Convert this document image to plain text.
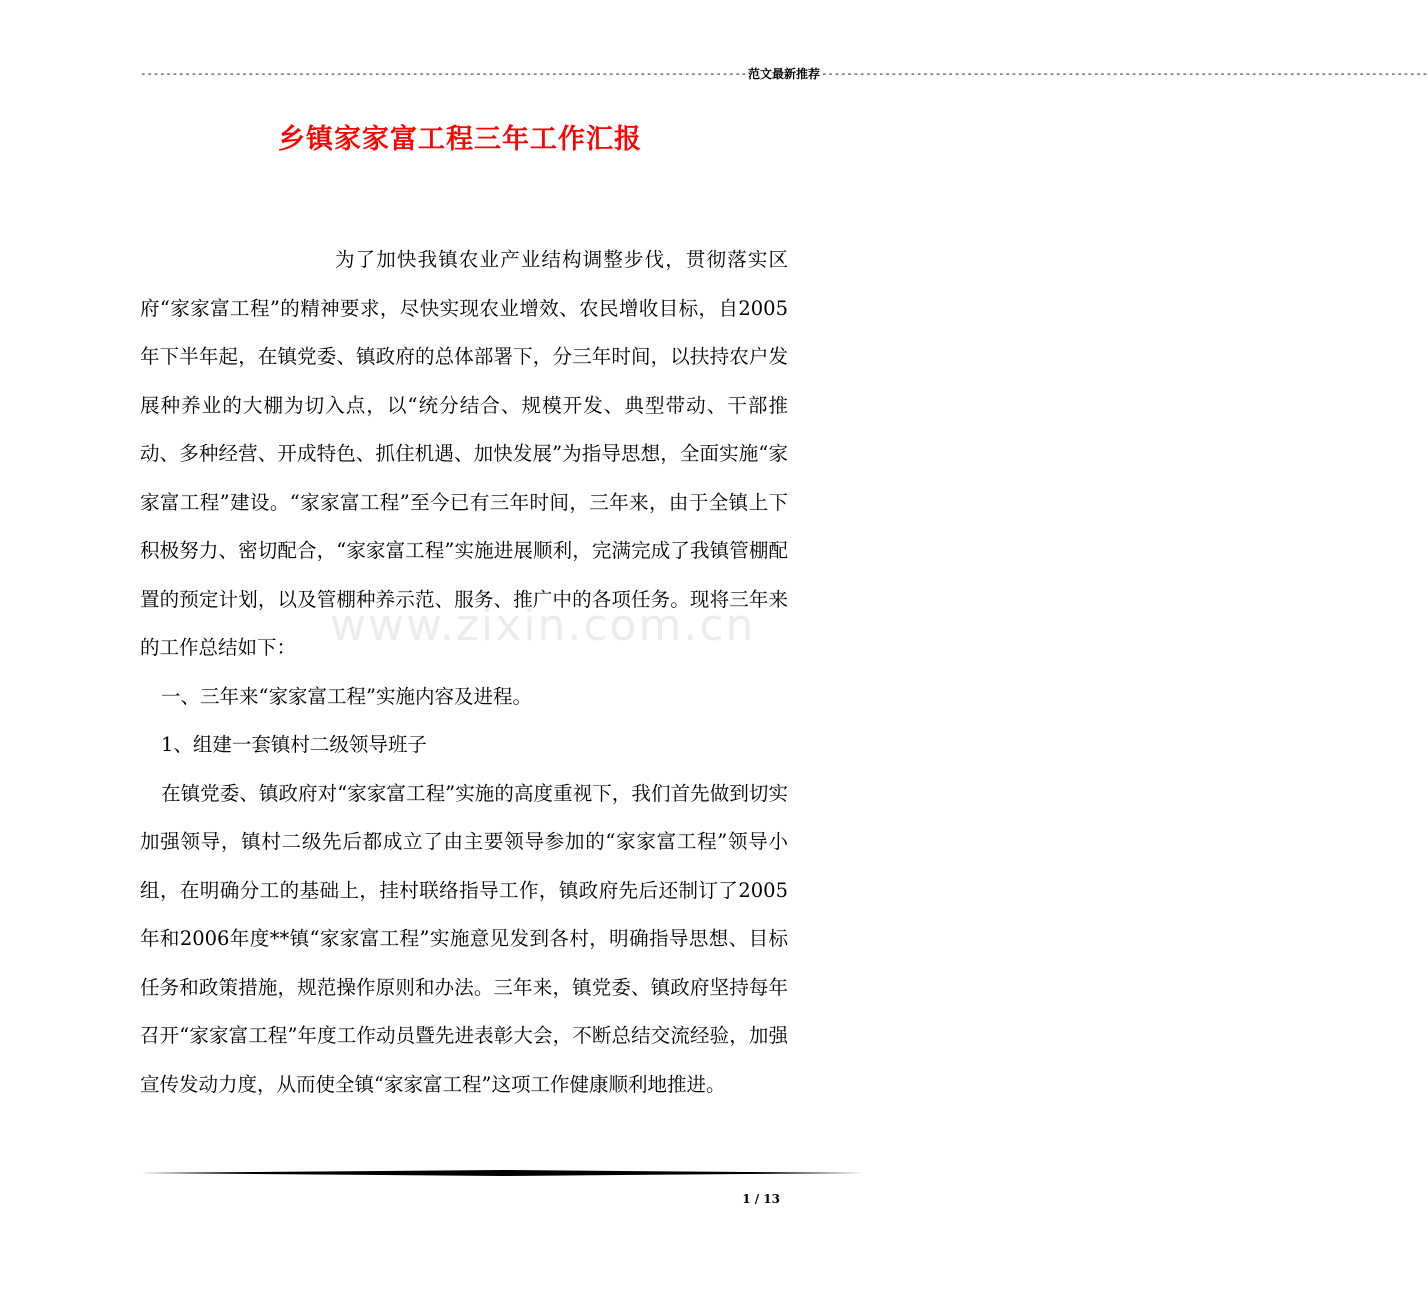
------------------------------------------------------------------------------------------------ 范文最新推荐 ------------------------------------------------------------------------------------------------
乡镇家家富工程三年工作汇报

为了加快我镇农业产业结构调整步伐，贯彻落实区府“家家富工程”的精神要求，尽快实现农业增效、农民增收目标，自2005年下半年起，在镇党委、镇政府的总体部署下，分三年时间，以扶持农户发展种养业的大棚为切入点，以“统分结合、规模开发、典型带动、干部推动、多种经营、开成特色、抓住机遇、加快发展”为指导思想，全面实施“家家富工程”建设。“家家富工程”至今已有三年时间，三年来，由于全镇上下积极努力、密切配合，“家家富工程”实施进展顺利，完满完成了我镇管棚配置的预定计划，以及管棚种养示范、服务、推广中的各项任务。现将三年来的工作总结如下：

一、三年来“家家富工程”实施内容及进程。

1、组建一套镇村二级领导班子

在镇党委、镇政府对“家家富工程”实施的高度重视下，我们首先做到切实加强领导，镇村二级先后都成立了由主要领导参加的“家家富工程”领导小组，在明确分工的基础上，挂村联络指导工作，镇政府先后还制订了2005年和2006年度**镇“家家富工程”实施意见发到各村，明确指导思想、目标任务和政策措施，规范操作原则和办法。三年来，镇党委、镇政府坚持每年召开“家家富工程”年度工作动员暨先进表彰大会，不断总结交流经验，加强宣传发动力度，从而使全镇“家家富工程”这项工作健康顺利地推进。

www.zixin.com.cn
1 / 13
